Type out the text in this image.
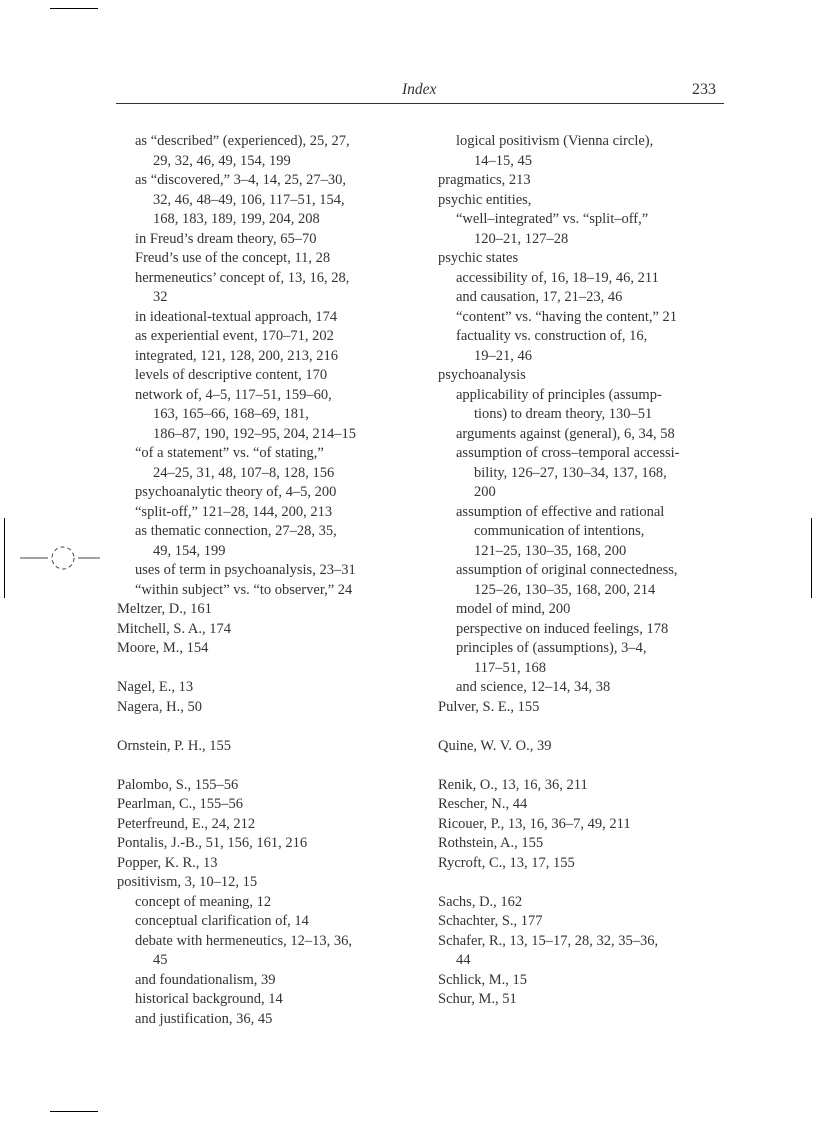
Index	233
as “described” (experienced), 25, 27,
29, 32, 46, 49, 154, 199
as “discovered,” 3–4, 14, 25, 27–30,
32, 46, 48–49, 106, 117–51, 154,
168, 183, 189, 199, 204, 208
in Freud’s dream theory, 65–70
Freud’s use of the concept, 11, 28
hermeneutics’ concept of, 13, 16, 28,
32
in ideational-textual approach, 174
as experiential event, 170–71, 202
integrated, 121, 128, 200, 213, 216
levels of descriptive content, 170
network of, 4–5, 117–51, 159–60,
163, 165–66, 168–69, 181,
186–87, 190, 192–95, 204, 214–15
“of a statement” vs. “of stating,”
24–25, 31, 48, 107–8, 128, 156
psychoanalytic theory of, 4–5, 200
“split-off,” 121–28, 144, 200, 213
as thematic connection, 27–28, 35,
49, 154, 199
uses of term in psychoanalysis, 23–31
“within subject” vs. “to observer,” 24
Meltzer, D., 161
Mitchell, S. A., 174
Moore, M., 154
Nagel, E., 13
Nagera, H., 50
Ornstein, P. H., 155
Palombo, S., 155–56
Pearlman, C., 155–56
Peterfreund, E., 24, 212
Pontalis, J.-B., 51, 156, 161, 216
Popper, K. R., 13
positivism, 3, 10–12, 15
concept of meaning, 12
conceptual clarification of, 14
debate with hermeneutics, 12–13, 36,
45
and foundationalism, 39
historical background, 14
and justification, 36, 45
logical positivism (Vienna circle),
14–15, 45
pragmatics, 213
psychic entities,
“well–integrated” vs. “split–off,”
120–21, 127–28
psychic states
accessibility of, 16, 18–19, 46, 211
and causation, 17, 21–23, 46
“content” vs. “having the content,” 21
factuality vs. construction of, 16,
19–21, 46
psychoanalysis
applicability of principles (assump-
tions) to dream theory, 130–51
arguments against (general), 6, 34, 58
assumption of cross–temporal accessi-
bility, 126–27, 130–34, 137, 168,
200
assumption of effective and rational
communication of intentions,
121–25, 130–35, 168, 200
assumption of original connectedness,
125–26, 130–35, 168, 200, 214
model of mind, 200
perspective on induced feelings, 178
principles of (assumptions), 3–4,
117–51, 168
and science, 12–14, 34, 38
Pulver, S. E., 155
Quine, W. V. O., 39
Renik, O., 13, 16, 36, 211
Rescher, N., 44
Ricouer, P., 13, 16, 36–7, 49, 211
Rothstein, A., 155
Rycroft, C., 13, 17, 155
Sachs, D., 162
Schachter, S., 177
Schafer, R., 13, 15–17, 28, 32, 35–36,
44
Schlick, M., 15
Schur, M., 51
